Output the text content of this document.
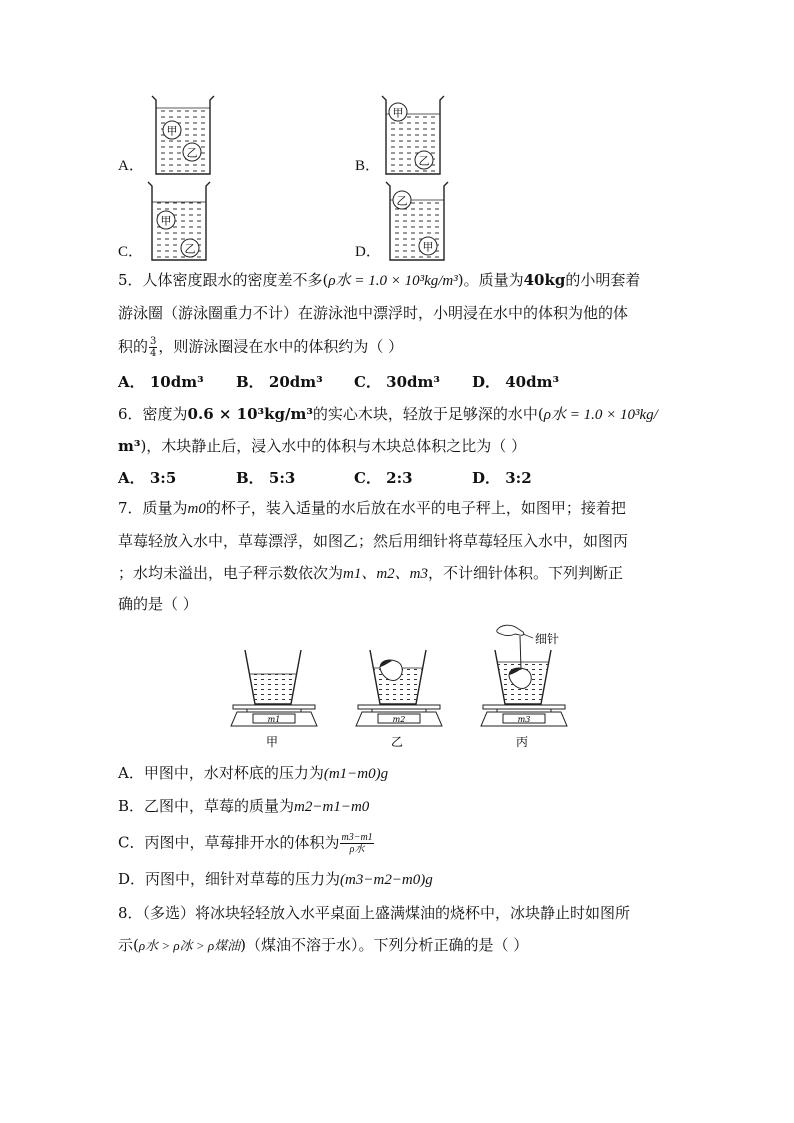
甲
乙
甲
乙
甲
乙
乙
甲
A．	B．
C．	D．
5．人体密度跟水的密度差不多(ρ水 = 1.0 × 10³kg/m³)。质量为40kg的小明套着
游泳圈（游泳圈重力不计）在游泳池中漂浮时，小明浸在水中的体积为他的体
积的 $\frac{3}{4}$ ，则游泳圈浸在水中的体积约为（ ）
A． 10dm³ B． 20dm³ C． 30dm³ D． 40dm³
6．密度为0.6 × 10³kg/m³的实心木块，轻放于足够深的水中(ρ水 = 1.0 × 10³kg/
m³)，木块静止后，浸入水中的体积与木块总体积之比为（ ）
A． 3:5	B． 5:3	C． 2:3	D． 3:2
7．质量为m0的杯子，装入适量的水后放在水平的电子秤上，如图甲；接着把
草莓轻放入水中，草莓漂浮，如图乙；然后用细针将草莓轻压入水中，如图丙
；水均未溢出，电子秤示数依次为m1、m2、m3，不计细针体积。下列判断正
确的是（ ）
m1
甲
m2
乙
细针
m3
丙
A．甲图中，水对杯底的压力为(m1−m0)g
B．乙图中，草莓的质量为m2−m1−m0
C．丙图中，草莓排开水的体积为 $\frac{m3-m1}{\text{ρ水}}$
D．丙图中，细针对草莓的压力为(m3−m2−m0)g
8．（多选）将冰块轻轻放入水平桌面上盛满煤油的烧杯中，冰块静止时如图所
示(ρ水 > ρ冰 > ρ煤油)（煤油不溶于水）。下列分析正确的是（ ）
